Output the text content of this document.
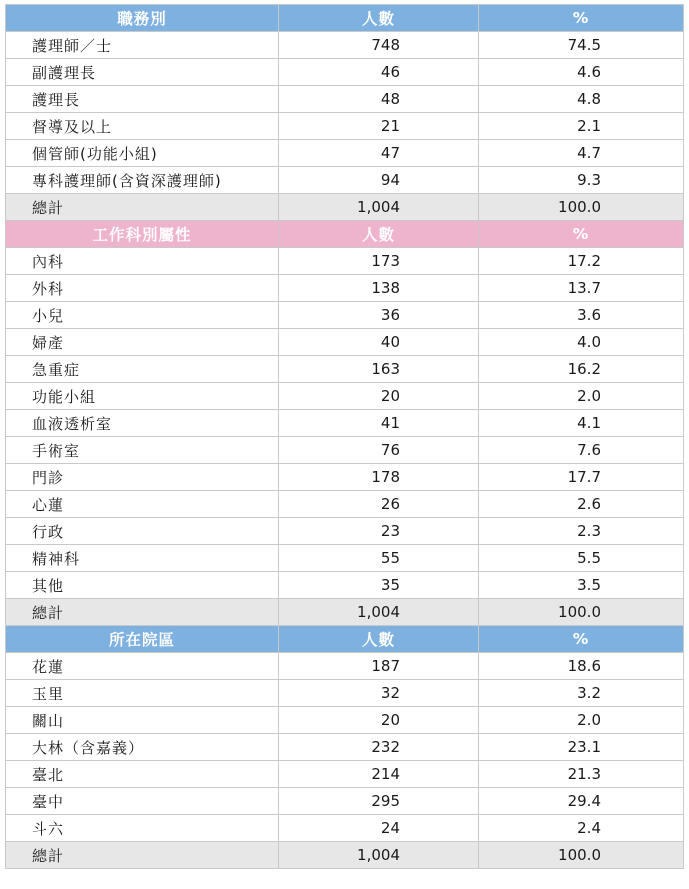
職務別	人數	%
護理師／士	748	74.5
副護理長	46	4.6
護理長	48	4.8
督導及以上	21	2.1
個管師(功能小組)	47	4.7
專科護理師(含資深護理師)	94	9.3
總計	1,004	100.0
工作科別屬性	人數	%
內科	173	17.2
外科	138	13.7
小兒	36	3.6
婦產	40	4.0
急重症	163	16.2
功能小組	20	2.0
血液透析室	41	4.1
手術室	76	7.6
門診	178	17.7
心蓮	26	2.6
行政	23	2.3
精神科	55	5.5
其他	35	3.5
總計	1,004	100.0
所在院區	人數	%
花蓮	187	18.6
玉里	32	3.2
關山	20	2.0
大林（含嘉義）	232	23.1
臺北	214	21.3
臺中	295	29.4
斗六	24	2.4
總計	1,004	100.0
